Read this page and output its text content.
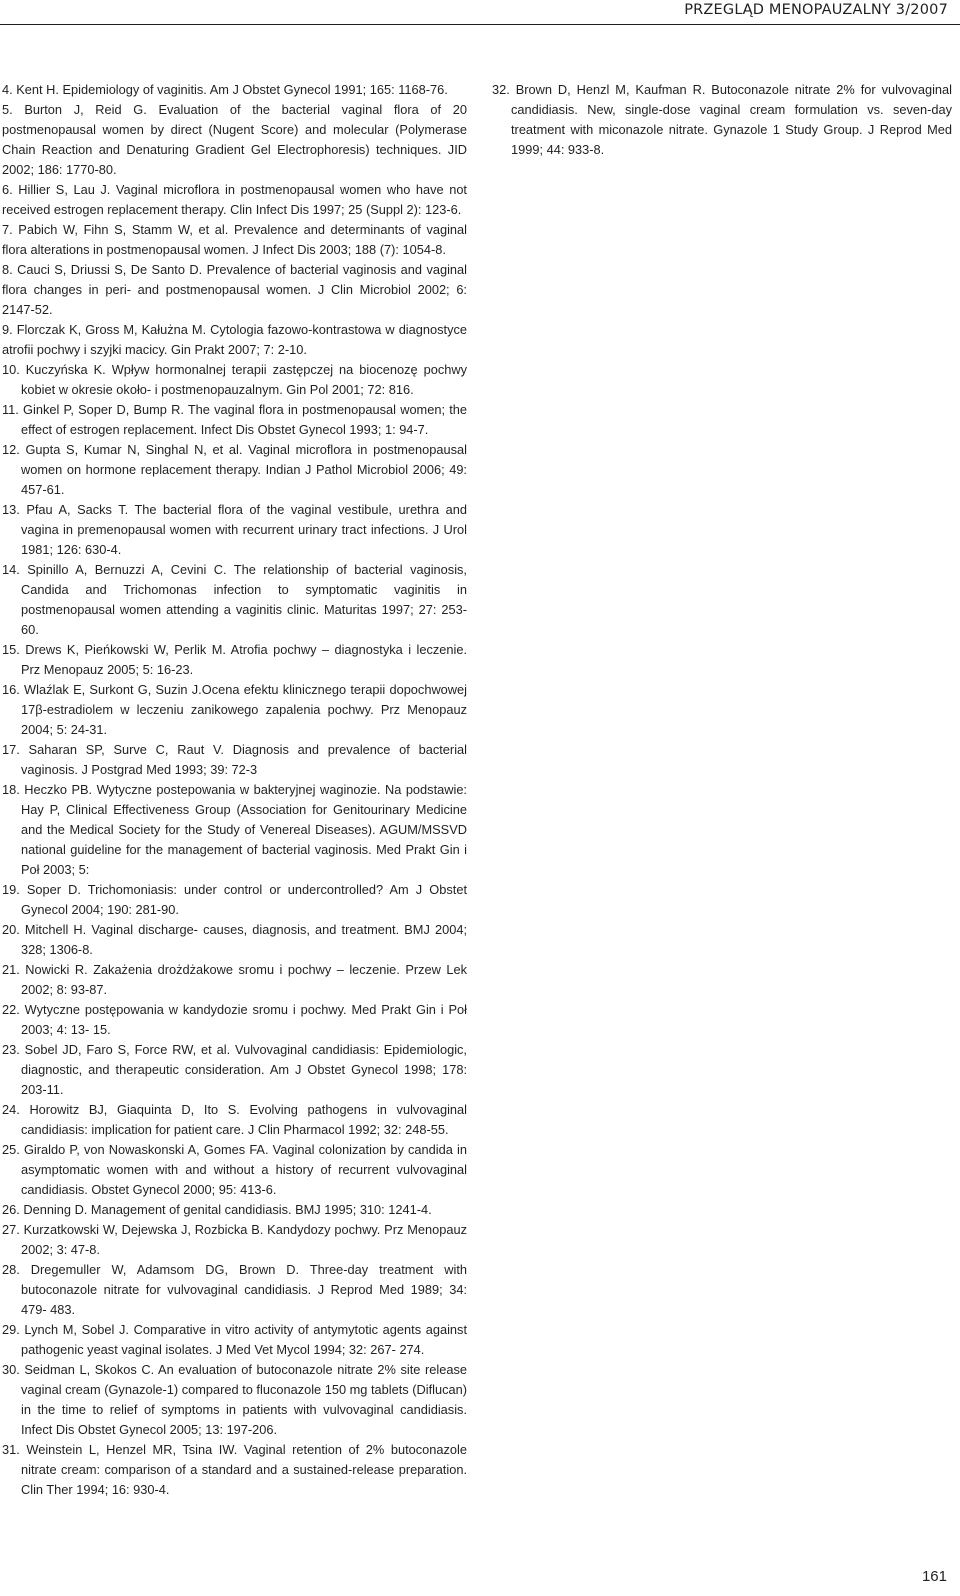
PRZEGLĄD MENOPAUZALNY 3/2007

4. Kent H. Epidemiology of vaginitis. Am J Obstet Gynecol 1991; 165: 1168-76.

5. Burton J, Reid G. Evaluation of the bacterial vaginal flora of 20 postmenopausal women by direct (Nugent Score) and molecular (Polymerase Chain Reaction and Denaturing Gradient Gel Electrophoresis) techniques. JID 2002; 186: 1770-80.

6. Hillier S, Lau J. Vaginal microflora in postmenopausal women who have not received estrogen replacement therapy. Clin Infect Dis 1997; 25 (Suppl 2): 123-6.

7. Pabich W, Fihn S, Stamm W, et al. Prevalence and determinants of vaginal flora alterations in postmenopausal women. J Infect Dis 2003; 188 (7): 1054-8.

8. Cauci S, Driussi S, De Santo D. Prevalence of bacterial vaginosis and vaginal flora changes in peri- and postmenopausal women. J Clin Microbiol 2002; 6: 2147-52.

9. Florczak K, Gross M, Kałużna M. Cytologia fazowo-kontrastowa w diagnostyce atrofii pochwy i szyjki macicy. Gin Prakt 2007; 7: 2-10.

10. Kuczyńska K. Wpływ hormonalnej terapii zastępczej na biocenozę pochwy kobiet w okresie około- i postmenopauzalnym. Gin Pol 2001; 72: 816.

11. Ginkel P, Soper D, Bump R. The vaginal flora in postmenopausal women; the effect of estrogen replacement. Infect Dis Obstet Gynecol 1993; 1: 94-7.

12. Gupta S, Kumar N, Singhal N, et al. Vaginal microflora in postmenopausal women on hormone replacement therapy. Indian J Pathol Microbiol 2006; 49: 457-61.

13. Pfau A, Sacks T. The bacterial flora of the vaginal vestibule, urethra and vagina in premenopausal women with recurrent urinary tract infections. J Urol 1981; 126: 630-4.

14. Spinillo A, Bernuzzi A, Cevini C. The relationship of bacterial vaginosis, Candida and Trichomonas infection to symptomatic vaginitis in postmenopausal women attending a vaginitis clinic. Maturitas 1997; 27: 253-60.

15. Drews K, Pieńkowski W, Perlik M. Atrofia pochwy – diagnostyka i leczenie. Prz Menopauz 2005; 5: 16-23.

16. Wlaźlak E, Surkont G, Suzin J.Ocena efektu klinicznego terapii dopochwowej 17β-estradiolem w leczeniu zanikowego zapalenia pochwy. Prz Menopauz 2004; 5: 24-31.

17. Saharan SP, Surve C, Raut V. Diagnosis and prevalence of bacterial vaginosis. J Postgrad Med 1993; 39: 72-3

18. Heczko PB. Wytyczne postepowania w bakteryjnej waginozie. Na podstawie: Hay P, Clinical Effectiveness Group (Association for Genitourinary Medicine and the Medical Society for the Study of Venereal Diseases). AGUM/MSSVD national guideline for the management of bacterial vaginosis. Med Prakt Gin i Poł 2003; 5:

19. Soper D. Trichomoniasis: under control or undercontrolled? Am J Obstet Gynecol 2004; 190: 281-90.

20. Mitchell H. Vaginal discharge- causes, diagnosis, and treatment. BMJ 2004; 328; 1306-8.

21. Nowicki R. Zakażenia drożdżakowe sromu i pochwy – leczenie. Przew Lek 2002; 8: 93-87.

22. Wytyczne postępowania w kandydozie sromu i pochwy. Med Prakt Gin i Poł 2003; 4: 13- 15.

23. Sobel JD, Faro S, Force RW, et al. Vulvovaginal candidiasis: Epidemiologic, diagnostic, and therapeutic consideration. Am J Obstet Gynecol 1998; 178: 203-11.

24. Horowitz BJ, Giaquinta D, Ito S. Evolving pathogens in vulvovaginal candidiasis: implication for patient care. J Clin Pharmacol 1992; 32: 248-55.

25. Giraldo P, von Nowaskonski A, Gomes FA. Vaginal colonization by candida in asymptomatic women with and without a history of recurrent vulvovaginal candidiasis. Obstet Gynecol 2000; 95: 413-6.

26. Denning D. Management of genital candidiasis. BMJ 1995; 310: 1241-4.

27. Kurzatkowski W, Dejewska J, Rozbicka B. Kandydozy pochwy. Prz Menopauz 2002; 3: 47-8.

28. Dregemuller W, Adamsom DG, Brown D. Three-day treatment with butoconazole nitrate for vulvovaginal candidiasis. J Reprod Med 1989; 34: 479- 483.

29. Lynch M, Sobel J. Comparative in vitro activity of antymytotic agents against pathogenic yeast vaginal isolates. J Med Vet Mycol 1994; 32: 267- 274.

30. Seidman L, Skokos C. An evaluation of butoconazole nitrate 2% site release vaginal cream (Gynazole-1) compared to fluconazole 150 mg tablets (Diflucan) in the time to relief of symptoms in patients with vulvovaginal candidiasis. Infect Dis Obstet Gynecol 2005; 13: 197-206.

31. Weinstein L, Henzel MR, Tsina IW. Vaginal retention of 2% butoconazole nitrate cream: comparison of a standard and a sustained-release preparation. Clin Ther 1994; 16: 930-4.

32. Brown D, Henzl M, Kaufman R. Butoconazole nitrate 2% for vulvovaginal candidiasis. New, single-dose vaginal cream formulation vs. seven-day treatment with miconazole nitrate. Gynazole 1 Study Group. J Reprod Med 1999; 44: 933-8.

161
